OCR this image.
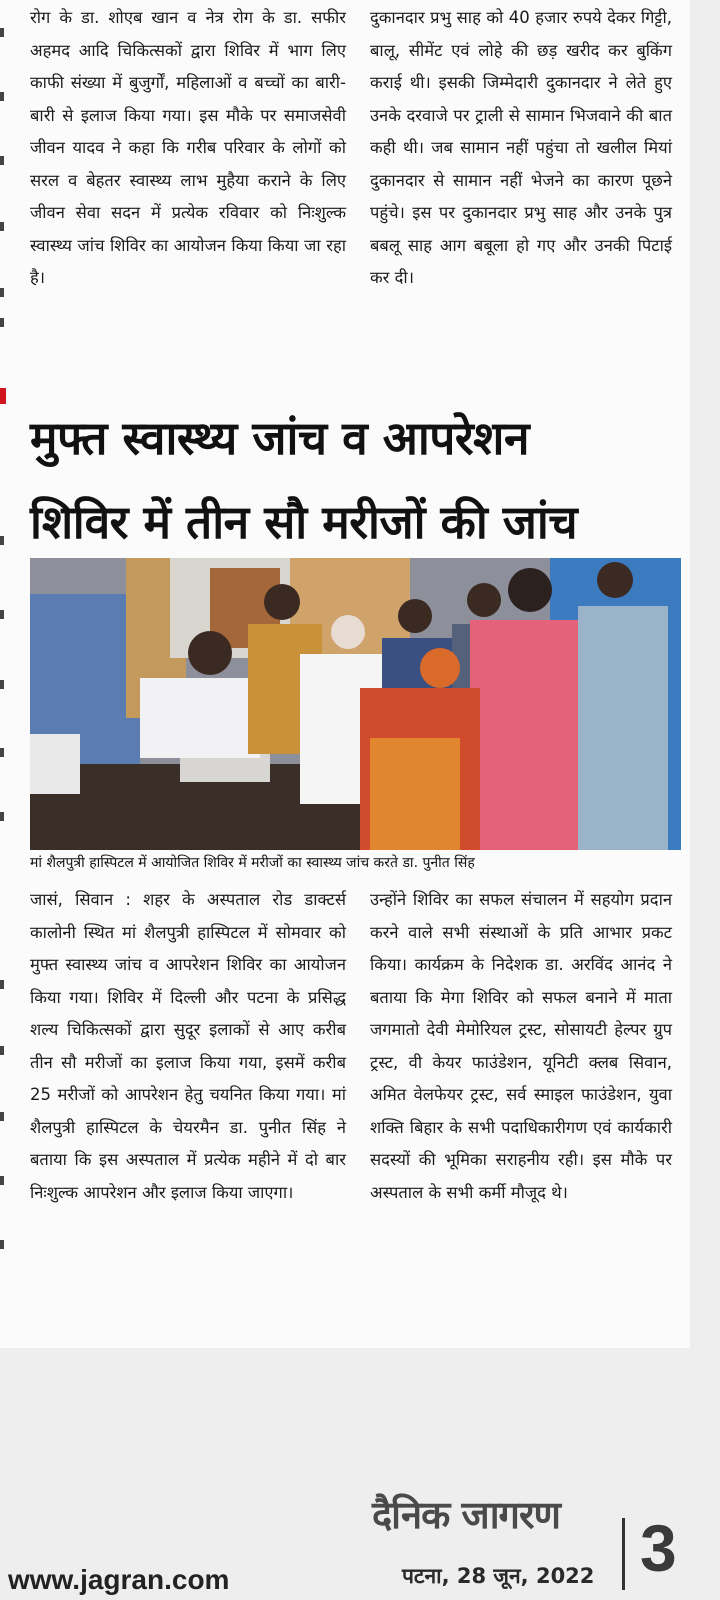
रोग के डा. शोएब खान व नेत्र रोग के डा. सफीर अहमद आदि चिकित्सकों द्वारा शिविर में भाग लिए काफी संख्या में बुजुर्गों, महिलाओं व बच्चों का बारी-बारी से इलाज किया गया। इस मौके पर समाजसेवी जीवन यादव ने कहा कि गरीब परिवार के लोगों को सरल व बेहतर स्वास्थ्य लाभ मुहैया कराने के लिए जीवन सेवा सदन में प्रत्येक रविवार को निःशुल्क स्वास्थ्य जांच शिविर का आयोजन किया किया जा रहा है।

दुकानदार प्रभु साह को 40 हजार रुपये देकर गिट्टी, बालू, सीमेंट एवं लोहे की छड़ खरीद कर बुकिंग कराई थी। इसकी जिम्मेदारी दुकानदार ने लेते हुए उनके दरवाजे पर ट्राली से सामान भिजवाने की बात कही थी। जब सामान नहीं पहुंचा तो खलील मियां दुकानदार से सामान नहीं भेजने का कारण पूछने पहुंचे। इस पर दुकानदार प्रभु साह और उनके पुत्र बबलू साह आग बबूला हो गए और उनकी पिटाई कर दी।

मुफ्त स्वास्थ्य जांच व आपरेशन
शिविर में तीन सौ मरीजों की जांच
मां शैलपुत्री हास्पिटल में आयोजित शिविर में मरीजों का स्वास्थ्य जांच करते डा. पुनीत सिंह

जासं, सिवान : शहर के अस्पताल रोड डाक्टर्स कालोनी स्थित मां शैलपुत्री हास्पिटल में सोमवार को मुफ्त स्वास्थ्य जांच व आपरेशन शिविर का आयोजन किया गया। शिविर में दिल्ली और पटना के प्रसिद्ध शल्य चिकित्सकों द्वारा सुदूर इलाकों से आए करीब तीन सौ मरीजों का इलाज किया गया, इसमें करीब 25 मरीजों को आपरेशन हेतु चयनित किया गया। मां शैलपुत्री हास्पिटल के चेयरमैन डा. पुनीत सिंह ने बताया कि इस अस्पताल में प्रत्येक महीने में दो बार निःशुल्क आपरेशन और इलाज किया जाएगा।

उन्होंने शिविर का सफल संचालन में सहयोग प्रदान करने वाले सभी संस्थाओं के प्रति आभार प्रकट किया। कार्यक्रम के निदेशक डा. अरविंद आनंद ने बताया कि मेगा शिविर को सफल बनाने में माता जगमातो देवी मेमोरियल ट्रस्ट, सोसायटी हेल्पर ग्रुप ट्रस्ट, वी केयर फाउंडेशन, यूनिटी क्लब सिवान, अमित वेलफेयर ट्रस्ट, सर्व स्माइल फाउंडेशन, युवा शक्ति बिहार के सभी पदाधिकारीगण एवं कार्यकारी सदस्यों की भूमिका सराहनीय रही। इस मौके पर अस्पताल के सभी कर्मी मौजूद थे।

दैनिक जागरण
www.jagran.com	पटना, 28 जून, 2022 3
